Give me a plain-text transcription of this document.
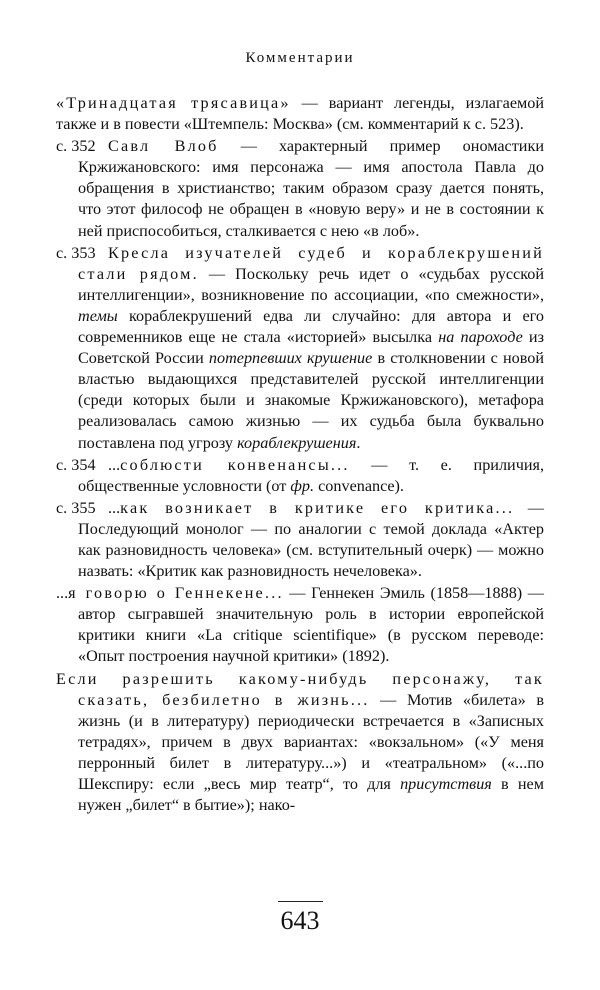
Комментарии

«Тринадцатая трясавица» — вариант легенды, излагаемой также и в повести «Штемпель: Москва» (см. комментарий к с. 523).

с. 352 Савл Влоб — характерный пример ономастики Кржижановского: имя персонажа — имя апостола Павла до обращения в христианство; таким образом сразу дается понять, что этот философ не обращен в «новую веру» и не в состоянии к ней приспособиться, сталкивается с нею «в лоб».

с. 353 Кресла изучателей судеб и кораблекрушений стали рядом. — Поскольку речь идет о «судьбах русской интеллигенции», возникновение по ассоциации, «по смежности», темы кораблекрушений едва ли случайно: для автора и его современников еще не стала «историей» высылка на пароходе из Советской России потерпевших крушение в столкновении с новой властью выдающихся представителей русской интеллигенции (среди которых были и знакомые Кржижановского), метафора реализовалась самою жизнью — их судьба была буквально поставлена под угрозу кораблекрушения.

с. 354 ...соблюсти конвенансы... — т. е. приличия, общественные условности (от фр. convenance).

с. 355 ...как возникает в критике его критика... — Последующий монолог — по аналогии с темой доклада «Актер как разновидность человека» (см. вступительный очерк) — можно назвать: «Критик как разновидность нечеловека».

...я говорю о Геннекене... — Геннекен Эмиль (1858—1888) — автор сыгравшей значительную роль в истории европейской критики книги «La critique scientifique» (в русском переводе: «Опыт построения научной критики» (1892).

Если разрешить какому-нибудь персонажу, так сказать, безбилетно в жизнь... — Мотив «билета» в жизнь (и в литературу) периодически встречается в «Записных тетрадях», причем в двух вариантах: «вокзальном» («У меня перронный билет в литературу...») и «театральном» («...по Шекспиру: если „весь мир театр“, то для присутствия в нем нужен „билет“ в бытие»); нако-

643
